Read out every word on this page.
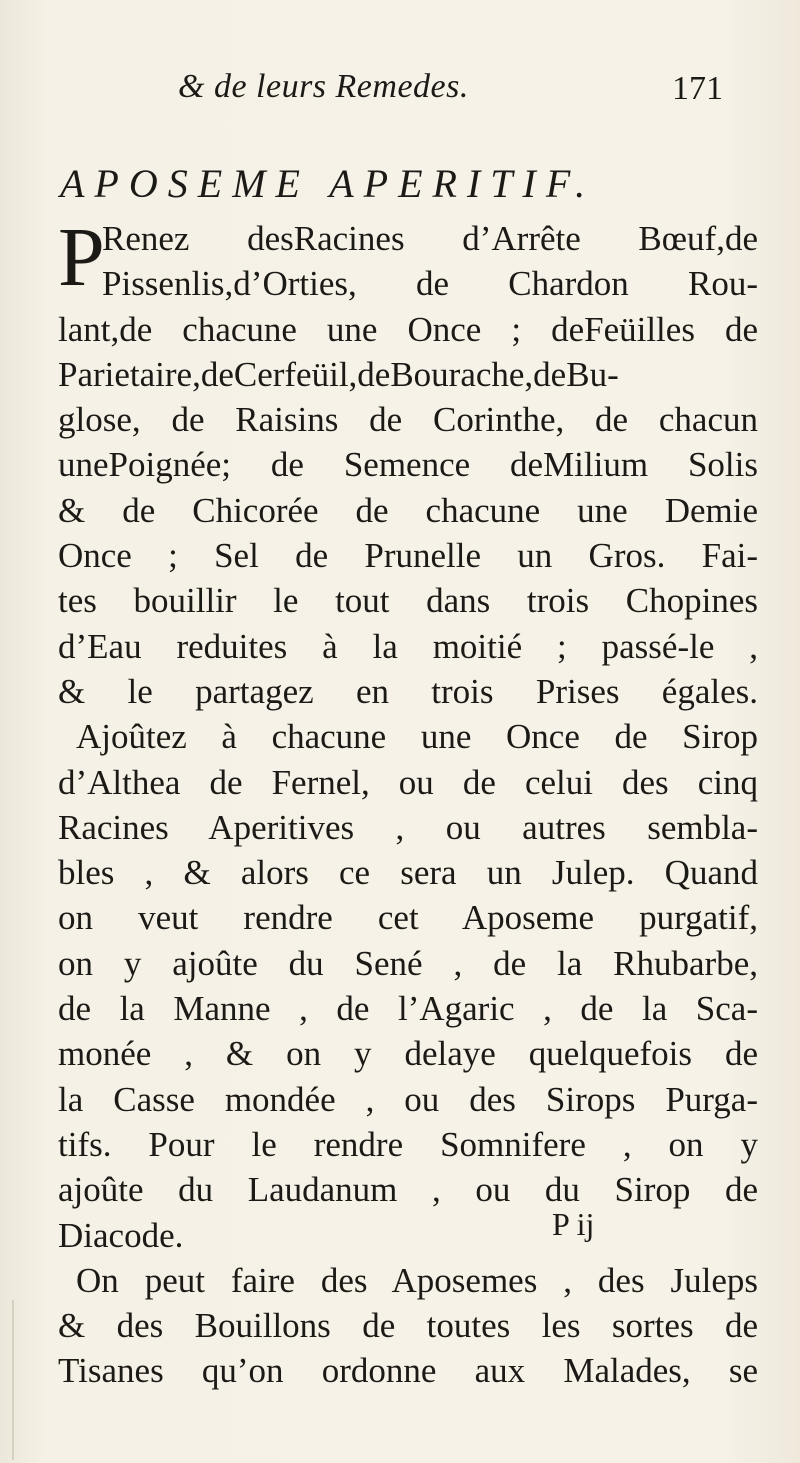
& de leurs Remedes.	171
APOSEME APERITIF.
P
Renez desRacines d’Arrête Bœuf,de
Pissenlis,d’Orties, de Chardon Rou-
lant,de chacune une Once ; deFeüilles de
Parietaire,deCerfeüil,deBourache,deBu-
glose, de Raisins de Corinthe, de chacun
unePoignée; de Semence deMilium Solis
& de Chicorée de chacune une Demie
Once ; Sel de Prunelle un Gros. Fai-
tes bouillir le tout dans trois Chopines
d’Eau reduites à la moitié ; passé-le ,
& le partagez en trois Prises égales.
Ajoûtez à chacune une Once de Sirop
d’Althea de Fernel, ou de celui des cinq
Racines Aperitives , ou autres sembla-
bles , & alors ce sera un Julep. Quand
on veut rendre cet Aposeme purgatif,
on y ajoûte du Sené , de la Rhubarbe,
de la Manne , de l’Agaric , de la Sca-
monée , & on y delaye quelquefois de
la Casse mondée , ou des Sirops Purga-
tifs. Pour le rendre Somnifere , on y
ajoûte du Laudanum , ou du Sirop de
Diacode.
On peut faire des Aposemes , des Juleps
& des Bouillons de toutes les sortes de
Tisanes qu’on ordonne aux Malades, se
P ij
